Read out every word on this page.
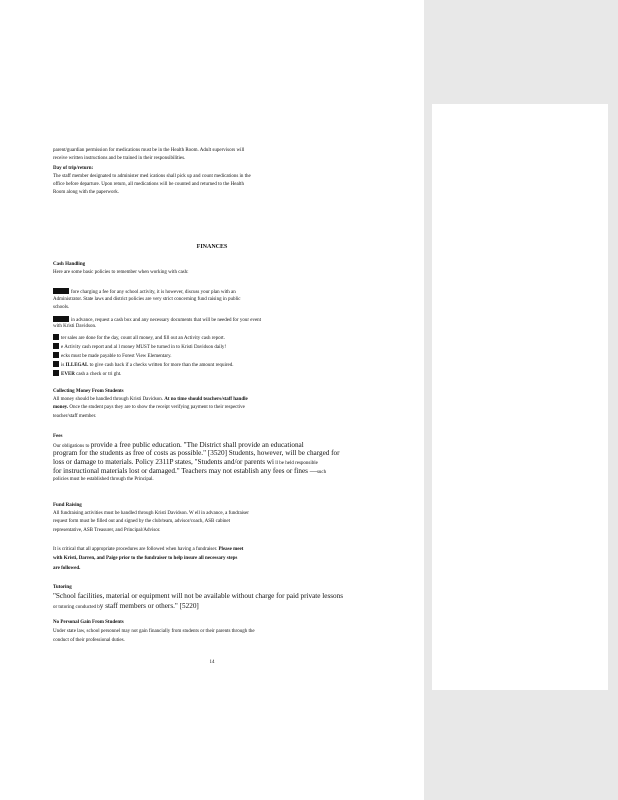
parent/guardian permission for medications must be in the Health Room. Adult supervisors will
receive written instructions and be trained in their responsibilities.
Day of trip/return:
The staff member designated to administer med ications shall pick up and count medications in the
office before departure. Upon return, all medications will be counted and returned to the Health
Room along with the paperwork.
FINANCES
Cash Handling
Here are some basic policies to remember when working with cash:
fore charging a fee for any school activity, it is however, discuss your plan with an
Administrator. State laws and district policies are very strict concerning fund raising in public
schools.
in advance, request a cash box and any necessary documents that will be needed for your event
with Kristi Davidson.
ter sales are done for the day, count all money, and fill out an Activity cash report.
e Activity cash report and al l money MUST be turned in to Kristi Davidson daily!
ecks must be made payable to Forest View Elementary.
is ILLEGAL to give cash back if a checks written for more than the amount required.
EVER cash a check or tri ght.
Collecting Money From Students
All money should be handled through Kristi Davidson. At no time should teachers/staff handle
money. Once the student pays they are to show the receipt verifying payment to their respective
teacher/staff member.
Fees
Our obligations to provide a free public education. "The District shall provide an educational
program for the students as free of costs as possible." [3520] Students, however, will be charged for
loss or damage to materials. Policy 2311P states, "Students and/or parents wi ll be held responsible
for instructional materials lost or damaged." Teachers may not establish any fees or fines —such
policies must be established through the Principal.
Fund Raising
All fundraising activities must be handled through Kristi Davidson. W ell in advance, a fundraiser
request form must be filled out and signed by the club/team, advisor/coach, ASB cabinet
representative, ASB Treasurer, and Principal/Advisor.
It is critical that all appropriate procedures are followed when having a fundraiser. Please meet
with Kristi, Darren, and Paige prior to the fundraiser to help insure all necessary steps
are followed.
Tutoring
"School facilities, material or equipment will not be available without charge for paid private lessons
or tutoring conducted by staff members or others." [5220]
No Personal Gain From Students
Under state law, school personnel may not gain financially from students or their parents through the
conduct of their professional duties.
14
